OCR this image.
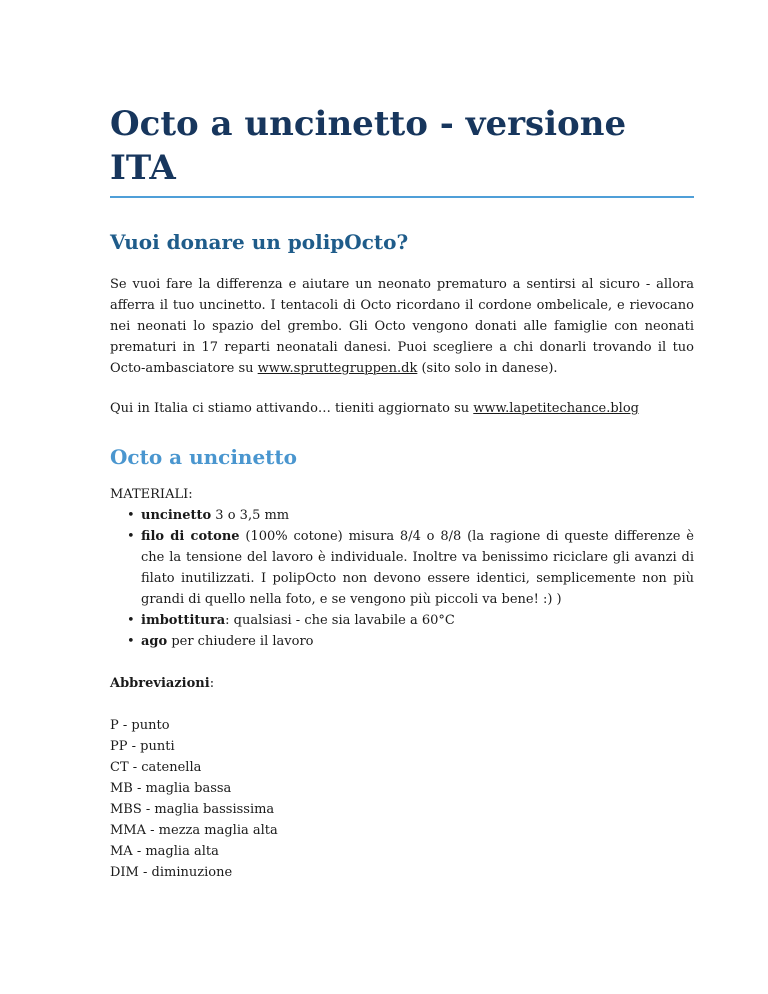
Octo a uncinetto - versione ITA
Vuoi donare un polipOcto?

Se vuoi fare la differenza e aiutare un neonato prematuro a sentirsi al sicuro - allora afferra il tuo uncinetto. I tentacoli di Octo ricordano il cordone ombelicale, e rievocano nei neonati lo spazio del grembo. Gli Octo vengono donati alle famiglie con neonati prematuri in 17 reparti neonatali danesi. Puoi scegliere a chi donarli trovando il tuo Octo-ambasciatore su www.spruttegruppen.dk (sito solo in danese).

Qui in Italia ci stiamo attivando… tieniti aggiornato su www.lapetitechance.blog

Octo a uncinetto
MATERIALI:
• uncinetto 3 o 3,5 mm
• filo di cotone (100% cotone) misura 8/4 o 8/8 (la ragione di queste differenze è che la tensione del lavoro è individuale. Inoltre va benissimo riciclare gli avanzi di filato inutilizzati. I polipOcto non devono essere identici, semplicemente non più grandi di quello nella foto, e se vengono più piccoli va bene! :) )
• imbottitura: qualsiasi - che sia lavabile a 60°C
• ago per chiudere il lavoro
Abbreviazioni:
P - punto
PP - punti
CT - catenella
MB - maglia bassa
MBS - maglia bassissima
MMA - mezza maglia alta
MA - maglia alta
DIM - diminuzione
